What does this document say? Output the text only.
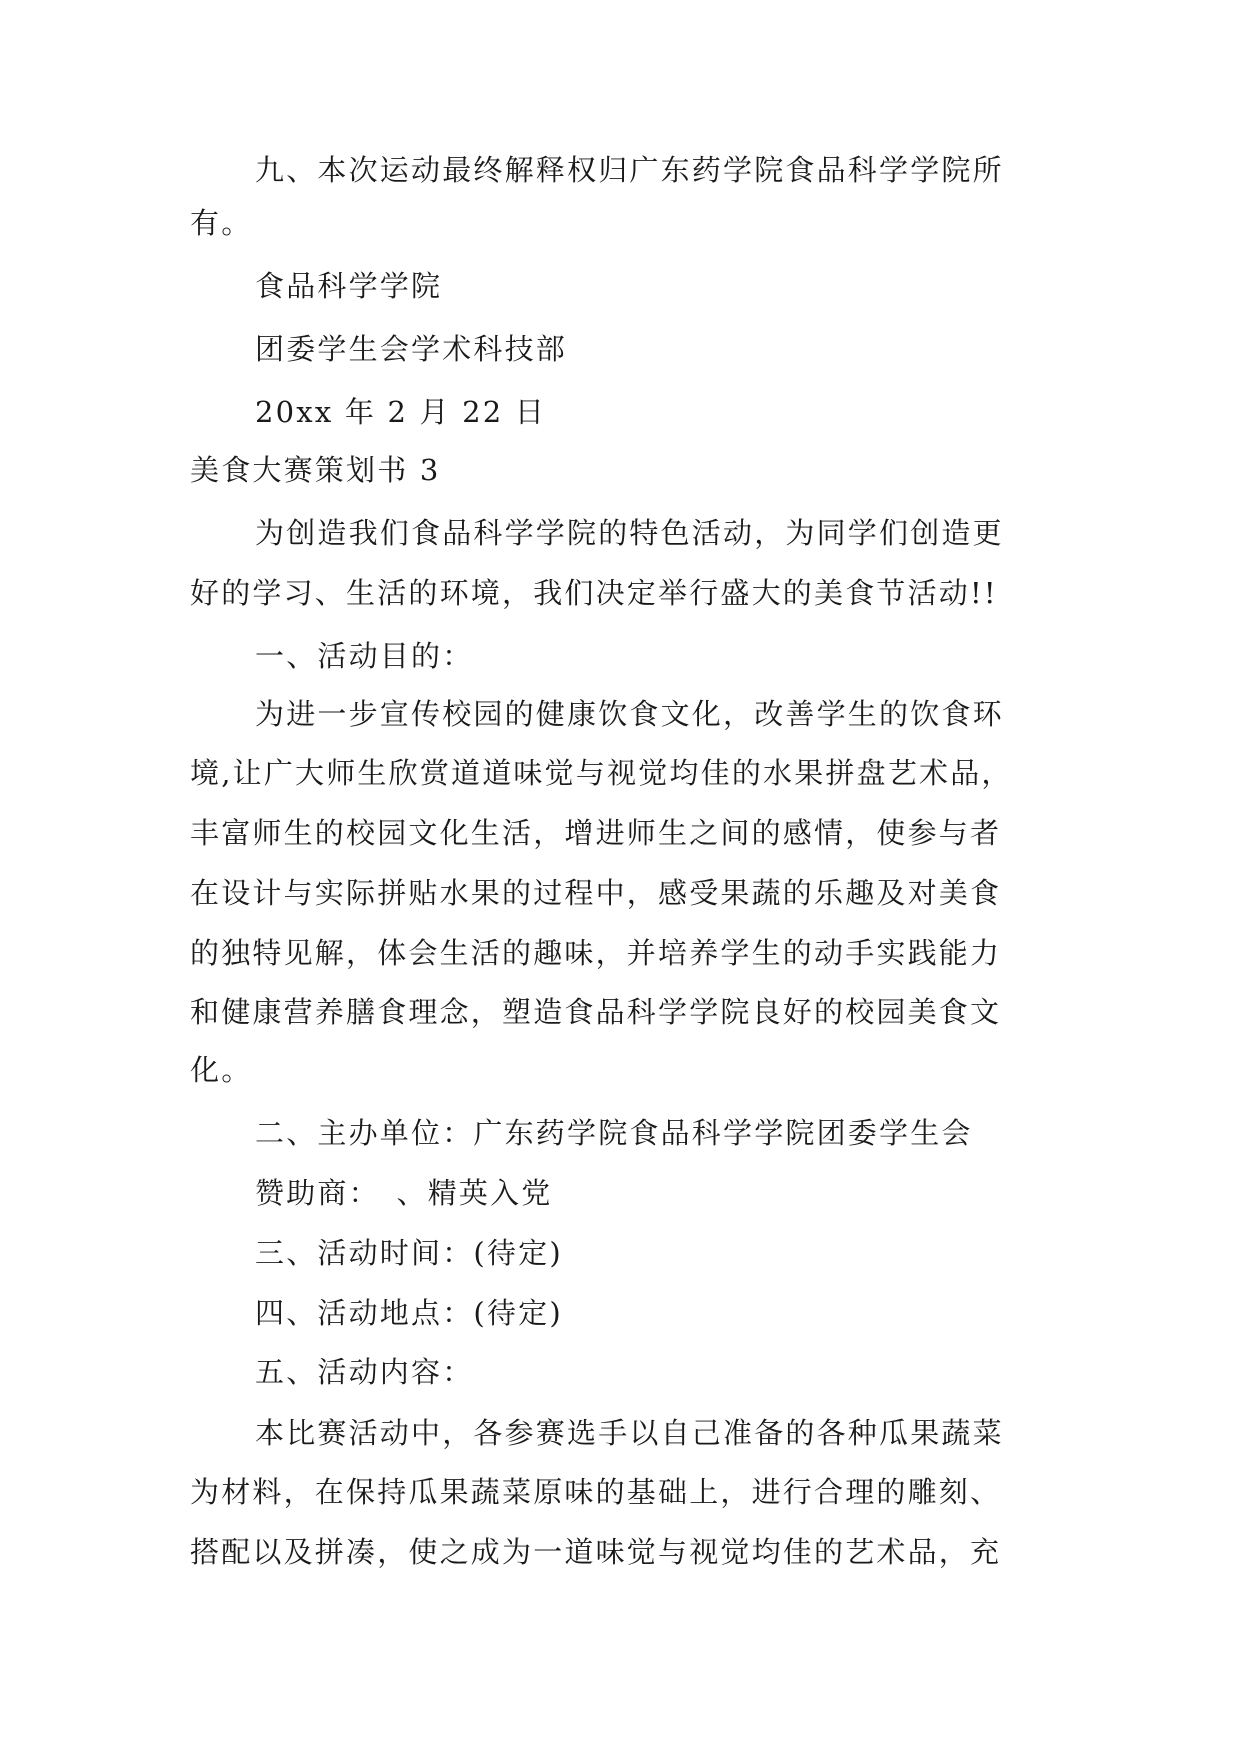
九、本次运动最终解释权归广东药学院食品科学学院所
有。
食品科学学院
团委学生会学术科技部
20xx 年 2 月 22 日
美食大赛策划书 3
为创造我们食品科学学院的特色活动，为同学们创造更
好的学习、生活的环境，我们决定举行盛大的美食节活动!!
一、活动目的：
为进一步宣传校园的健康饮食文化，改善学生的饮食环
境,让广大师生欣赏道道味觉与视觉均佳的水果拼盘艺术品，
丰富师生的校园文化生活，增进师生之间的感情，使参与者
在设计与实际拼贴水果的过程中，感受果蔬的乐趣及对美食
的独特见解，体会生活的趣味，并培养学生的动手实践能力
和健康营养膳食理念，塑造食品科学学院良好的校园美食文
化。
二、主办单位：广东药学院食品科学学院团委学生会
赞助商：　、精英入党
三、活动时间：(待定)
四、活动地点：(待定)
五、活动内容：
本比赛活动中，各参赛选手以自己准备的各种瓜果蔬菜
为材料，在保持瓜果蔬菜原味的基础上，进行合理的雕刻、
搭配以及拼凑，使之成为一道味觉与视觉均佳的艺术品，充
